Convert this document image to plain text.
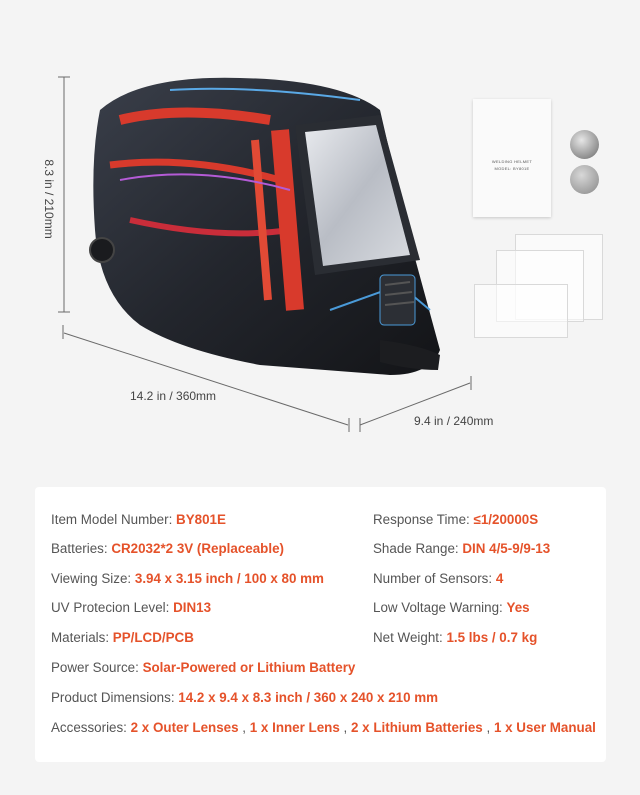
8.3 in / 210mm
14.2 in / 360mm
9.4 in / 240mm
WELDING HELMET
MODEL: BY801E
Item Model Number: BY801E	Response Time: ≤1/20000S
Batteries: CR2032*2 3V (Replaceable)	Shade Range: DIN 4/5-9/9-13
Viewing Size: 3.94 x 3.15 inch / 100 x 80 mm	Number of Sensors: 4
UV Protecion Level: DIN13	Low Voltage Warning: Yes
Materials: PP/LCD/PCB	Net Weight: 1.5 lbs / 0.7 kg
Power Source: Solar-Powered or Lithium Battery
Product Dimensions: 14.2 x 9.4 x 8.3 inch / 360 x 240 x 210 mm
Accessories: 2 x Outer Lenses , 1 x Inner Lens , 2 x Lithium Batteries , 1 x User Manual
